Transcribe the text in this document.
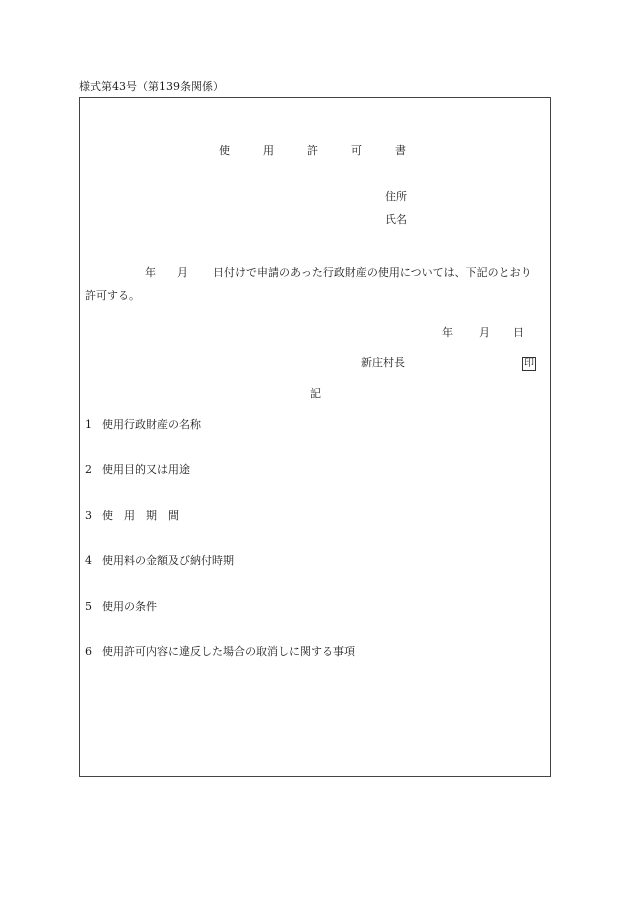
様式第43号（第139条関係）
使	用	許	可	書
住所
氏名
年 月 日付けで申請のあった行政財産の使用については、下記のとおり
許可する。
年 月 日
新庄村長	印
記
1 使用行政財産の名称
2 使用目的又は用途
3 使　用　期　間
4 使用料の金額及び納付時期
5 使用の条件
6 使用許可内容に違反した場合の取消しに関する事項
